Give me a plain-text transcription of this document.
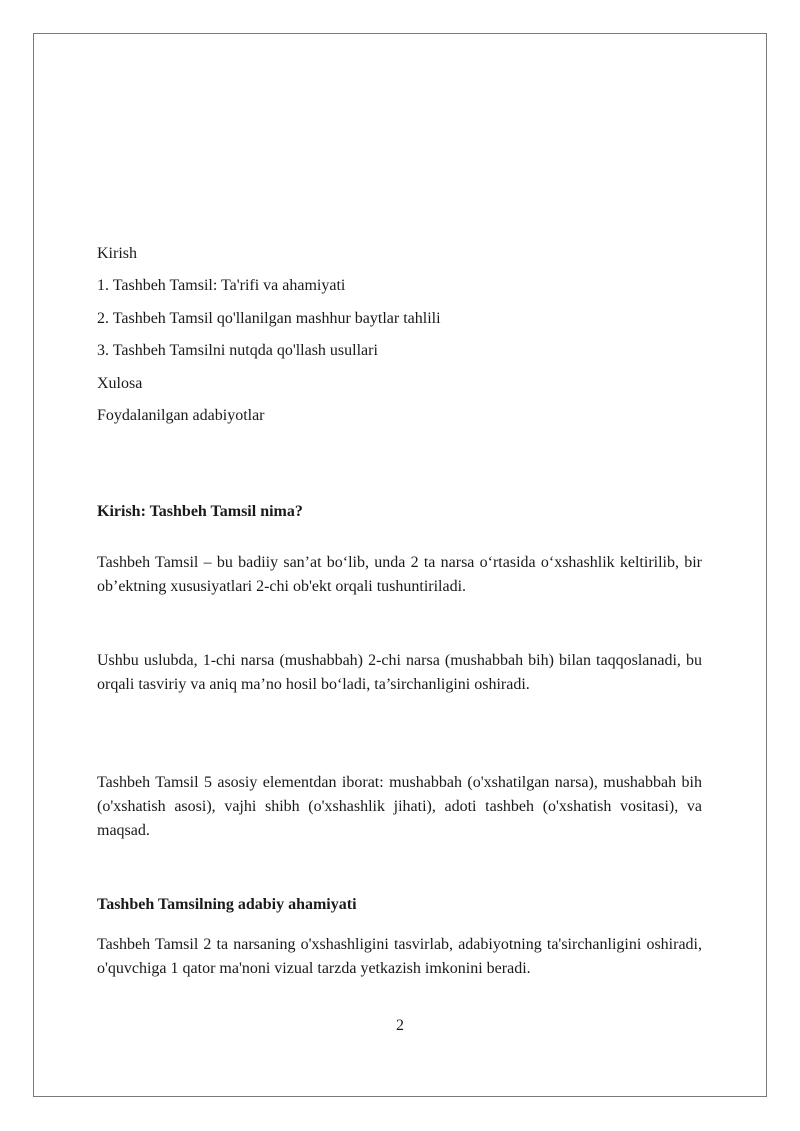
Kirish
1. Tashbeh Tamsil: Ta'rifi va ahamiyati
2. Tashbeh Tamsil qo'llanilgan mashhur baytlar tahlili
3. Tashbeh Tamsilni nutqda qo'llash usullari
Xulosa
Foydalanilgan adabiyotlar
Kirish: Tashbeh Tamsil nima?
Tashbeh Tamsil – bu badiiy san’at bo‘lib, unda 2 ta narsa o‘rtasida o‘xshashlik keltirilib, bir ob’ektning xususiyatlari 2-chi ob'ekt orqali tushuntiriladi.
Ushbu uslubda, 1-chi narsa (mushabbah) 2-chi narsa (mushabbah bih) bilan taqqoslanadi, bu orqali tasviriy va aniq ma’no hosil bo‘ladi, ta’sirchanligini oshiradi.
Tashbeh Tamsil 5 asosiy elementdan iborat: mushabbah (o'xshatilgan narsa), mushabbah bih (o'xshatish asosi), vajhi shibh (o'xshashlik jihati), adoti tashbeh (o'xshatish vositasi), va maqsad.
Tashbeh Tamsilning adabiy ahamiyati
Tashbeh Tamsil 2 ta narsaning o'xshashligini tasvirlab, adabiyotning ta'sirchanligini oshiradi, o'quvchiga 1 qator ma'noni vizual tarzda yetkazish imkonini beradi.
2
